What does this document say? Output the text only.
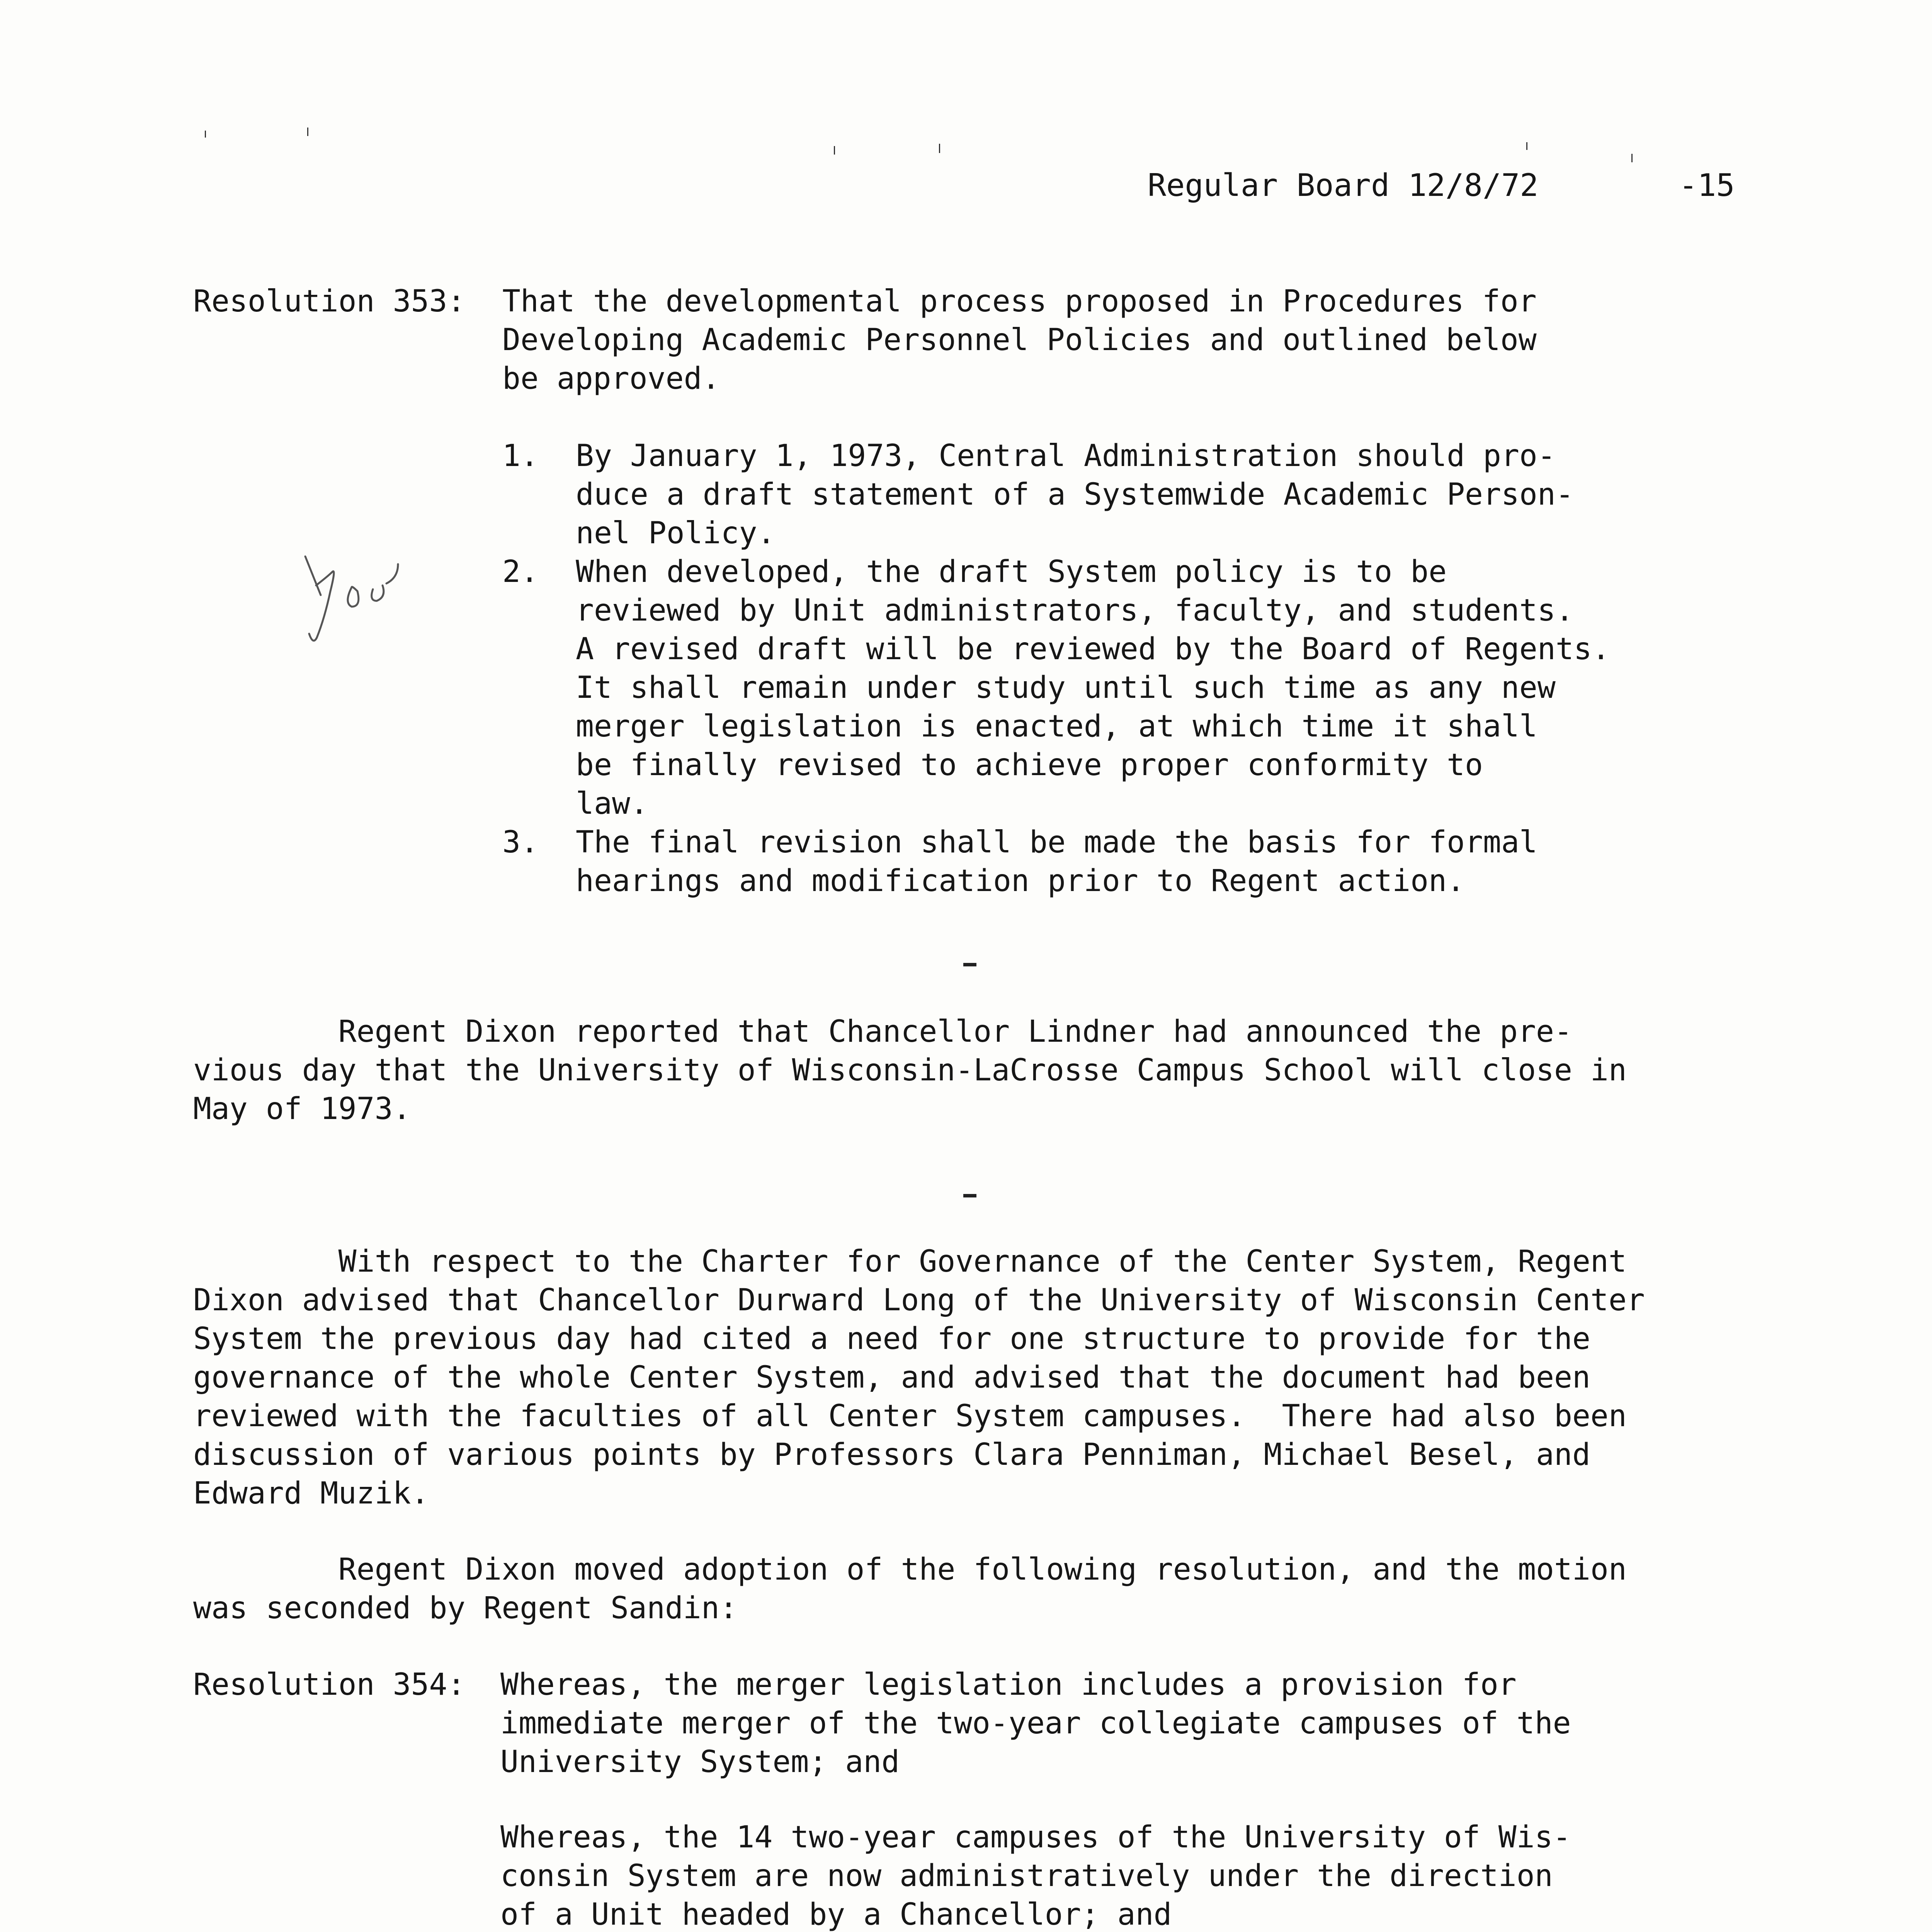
Regular Board 12/8/72	-15
Resolution 353: That the developmental process proposed in Procedures for
Developing Academic Personnel Policies and outlined below
be approved.
1. By January 1, 1973, Central Administration should pro-
duce a draft statement of a Systemwide Academic Person-
nel Policy.
2. When developed, the draft System policy is to be
reviewed by Unit administrators, faculty, and students.
A revised draft will be reviewed by the Board of Regents.
It shall remain under study until such time as any new
merger legislation is enacted, at which time it shall
be finally revised to achieve proper conformity to
law.
3. The final revision shall be made the basis for formal
hearings and modification prior to Regent action.
Regent Dixon reported that Chancellor Lindner had announced the pre-
vious day that the University of Wisconsin-LaCrosse Campus School will close in
May of 1973.
With respect to the Charter for Governance of the Center System, Regent
Dixon advised that Chancellor Durward Long of the University of Wisconsin Center
System the previous day had cited a need for one structure to provide for the
governance of the whole Center System, and advised that the document had been
reviewed with the faculties of all Center System campuses.  There had also been
discussion of various points by Professors Clara Penniman, Michael Besel, and
Edward Muzik.
Regent Dixon moved adoption of the following resolution, and the motion
was seconded by Regent Sandin:
Resolution 354: Whereas, the merger legislation includes a provision for
immediate merger of the two-year collegiate campuses of the
University System; and
Whereas, the 14 two-year campuses of the University of Wis-
consin System are now administratively under the direction
of a Unit headed by a Chancellor; and
